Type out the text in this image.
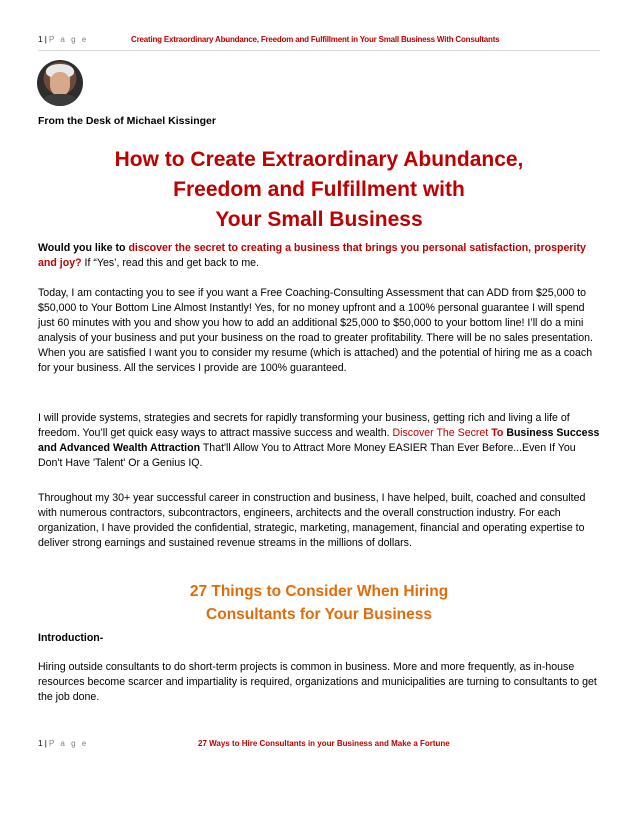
1 | P a g e	Creating Extraordinary Abundance, Freedom and Fulfillment in Your Small Business With Consultants
From the Desk of Michael Kissinger
How to Create Extraordinary Abundance,
Freedom and Fulfillment with
Your Small Business

Would you like to discover the secret to creating a business that brings you personal satisfaction, prosperity and joy? If “Yes’, read this and get back to me.

Today, I am contacting you to see if you want a Free Coaching-Consulting Assessment that can ADD from $25,000 to $50,000 to Your Bottom Line Almost Instantly! Yes, for no money upfront and a 100% personal guarantee I will spend just 60 minutes with you and show you how to add an additional $25,000 to $50,000 to your bottom line! I’ll do a mini analysis of your business and put your business on the road to greater profitability. There will be no sales presentation. When you are satisfied I want you to consider my resume (which is attached) and the potential of hiring me as a coach for your business. All the services I provide are 100% guaranteed.

I will provide systems, strategies and secrets for rapidly transforming your business, getting rich and living a life of freedom. You’ll get quick easy ways to attract massive success and wealth. Discover The Secret To Business Success and Advanced Wealth Attraction That'll Allow You to Attract More Money EASIER Than Ever Before...Even If You Don't Have 'Talent' Or a Genius IQ.

Throughout my 30+ year successful career in construction and business, I have helped, built, coached and consulted with numerous contractors, subcontractors, engineers, architects and the overall construction industry. For each organization, I have provided the confidential, strategic, marketing, management, financial and operating expertise to deliver strong earnings and sustained revenue streams in the millions of dollars.

27 Things to Consider When Hiring
Consultants for Your Business
Introduction-

Hiring outside consultants to do short-term projects is common in business. More and more frequently, as in-house resources become scarcer and impartiality is required, organizations and municipalities are turning to consultants to get the job done.

1 | P a g e	27 Ways to Hire Consultants in your Business and Make a Fortune
